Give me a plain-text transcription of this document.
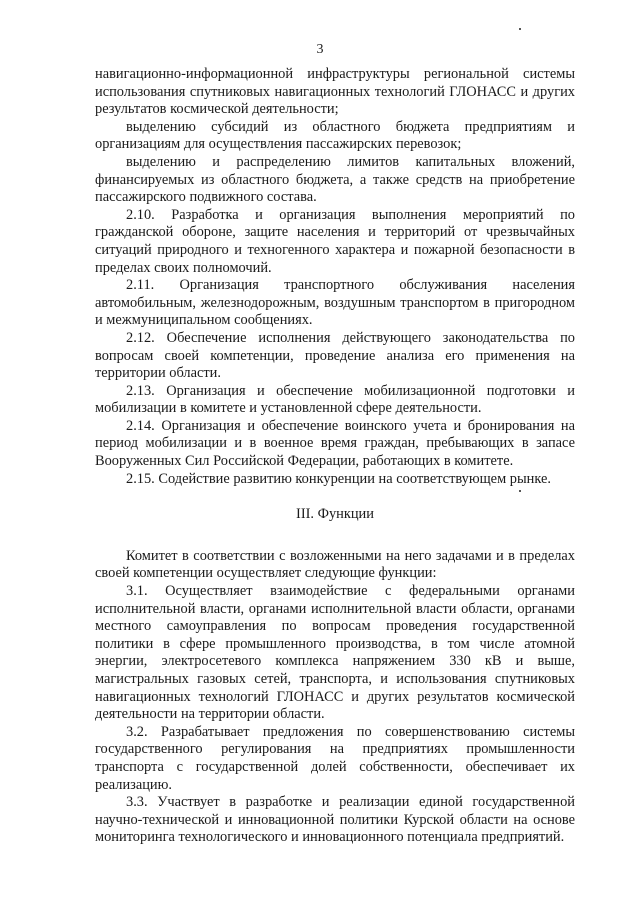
3

навигационно-информационной инфраструктуры региональной системы использования спутниковых навигационных технологий ГЛОНАСС и других результатов космической деятельности;

выделению субсидий из областного бюджета предприятиям и организациям для осуществления пассажирских перевозок;

выделению и распределению лимитов капитальных вложений, финансируемых из областного бюджета, а также средств на приобретение пассажирского подвижного состава.

2.10. Разработка и организация выполнения мероприятий по гражданской обороне, защите населения и территорий от чрезвычайных ситуаций природного и техногенного характера и пожарной безопасности в пределах своих полномочий.

2.11. Организация транспортного обслуживания населения автомобильным, железнодорожным, воздушным транспортом в пригородном и межмуниципальном сообщениях.

2.12. Обеспечение исполнения действующего законодательства по вопросам своей компетенции, проведение анализа его применения на территории области.

2.13. Организация и обеспечение мобилизационной подготовки и мобилизации в комитете и установленной сфере деятельности.

2.14. Организация и обеспечение воинского учета и бронирования на период мобилизации и в военное время граждан, пребывающих в запасе Вооруженных Сил Российской Федерации, работающих в комитете.

2.15. Содействие развитию конкуренции на соответствующем рынке.

III. Функции

Комитет в соответствии с возложенными на него задачами и в пределах своей компетенции осуществляет следующие функции:

3.1. Осуществляет взаимодействие с федеральными органами исполнительной власти, органами исполнительной власти области, органами местного самоуправления по вопросам проведения государственной политики в сфере промышленного производства, в том числе атомной энергии, электросетевого комплекса напряжением 330 кВ и выше, магистральных газовых сетей, транспорта, и использования спутниковых навигационных технологий ГЛОНАСС и других результатов космической деятельности на территории области.

3.2. Разрабатывает предложения по совершенствованию системы государственного регулирования на предприятиях промышленности транспорта с государственной долей собственности, обеспечивает их реализацию.

3.3. Участвует в разработке и реализации единой государственной научно-технической и инновационной политики Курской области на основе мониторинга технологического и инновационного потенциала предприятий.
